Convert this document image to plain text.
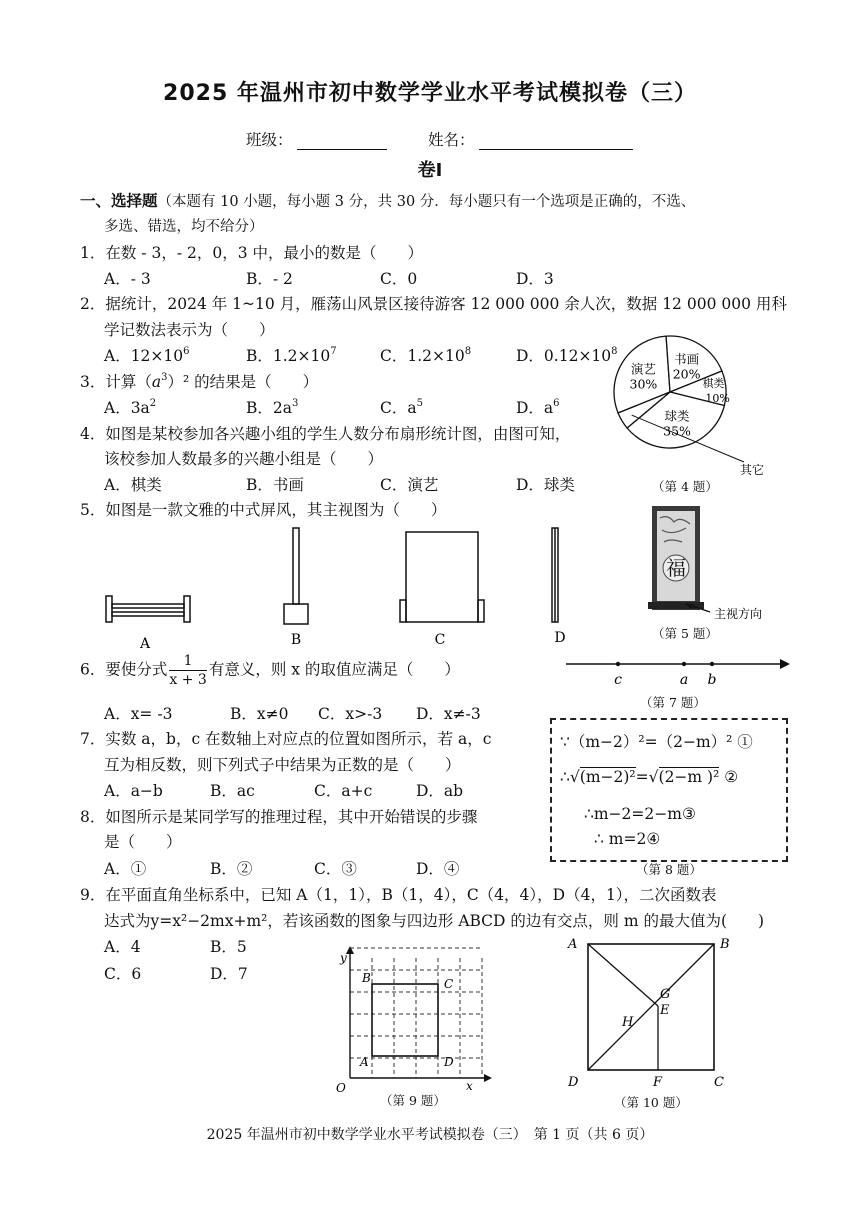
2025 年温州市初中数学学业水平考试模拟卷（三）
班级：	姓名：
卷Ⅰ
一、选择题（本题有 10 小题，每小题 3 分，共 30 分．每小题只有一个选项是正确的，不选、
多选、错选，均不给分）
1．在数 - 3，- 2，0，3 中，最小的数是（　　）
A．- 3	B．- 2	C．0	D．3
2．据统计，2024 年 1~10 月，雁荡山风景区接待游客 12 000 000 余人次，数据 12 000 000 用科
学记数法表示为（　　）
A．$12\times 10^6$	B．$1.2\times 10^7$	C．$1.2\times 10^8$	D．$0.12\times 10^8$
3．计算$(a^3)^2$ 的结果是（　　）
A．$3a^2$	B．$2a^3$	C．$a^5$	D．$a^6$
4．如图是某校参加各兴趣小组的学生人数分布扇形统计图，由图可知，
该校参加人数最多的兴趣小组是（　　）
A．棋类	B．书画	C．演艺	D．球类
演艺
30%
书画
20%
棋类
10%
球类
35%
其它
（第 4 题）
5．如图是一款文雅的中式屏风，其主视图为（　　）
A	B	C	D
福
主视方向
（第 5 题）
6．要使分式 $\frac{1}{x + 3}$ 有意义，则 x 的取值应满足（　　）
A．x= -3	B．x≠0 C．x>-3 D．x≠-3
c	a b
（第 7 题）
7．实数 a，b，c 在数轴上对应点的位置如图所示，若 a，c
互为相反数，则下列式子中结果为正数的是（　　）
A．a−b	B．ac	C．a+c	D．ab
8．如图所示是某同学写的推理过程，其中开始错误的步骤
是（　　）
A．①	B．②	C．③	D．④
∵（m−2）²=（2−m）² ①
∴√(m−2)²=√(2−m )² ②
∴m−2=2−m③
∴ m=2④
（第 8 题）
9．在平面直角坐标系中，已知 A（1，1），B（1，4），C（4，4），D（4，1），二次函数表
达式为y=x²−2mx+m²，若该函数的图象与四边形 ABCD 的边有交点，则 m 的最大值为(　　)
A．4	B．5
C．6	D．7
y
x
O
A
B	C
D
（第 9 题）
A	B
C
D
E
F
G
H
（第 10 题）
2025 年温州市初中数学学业水平考试模拟卷（三）　第 1 页（共 6 页）
